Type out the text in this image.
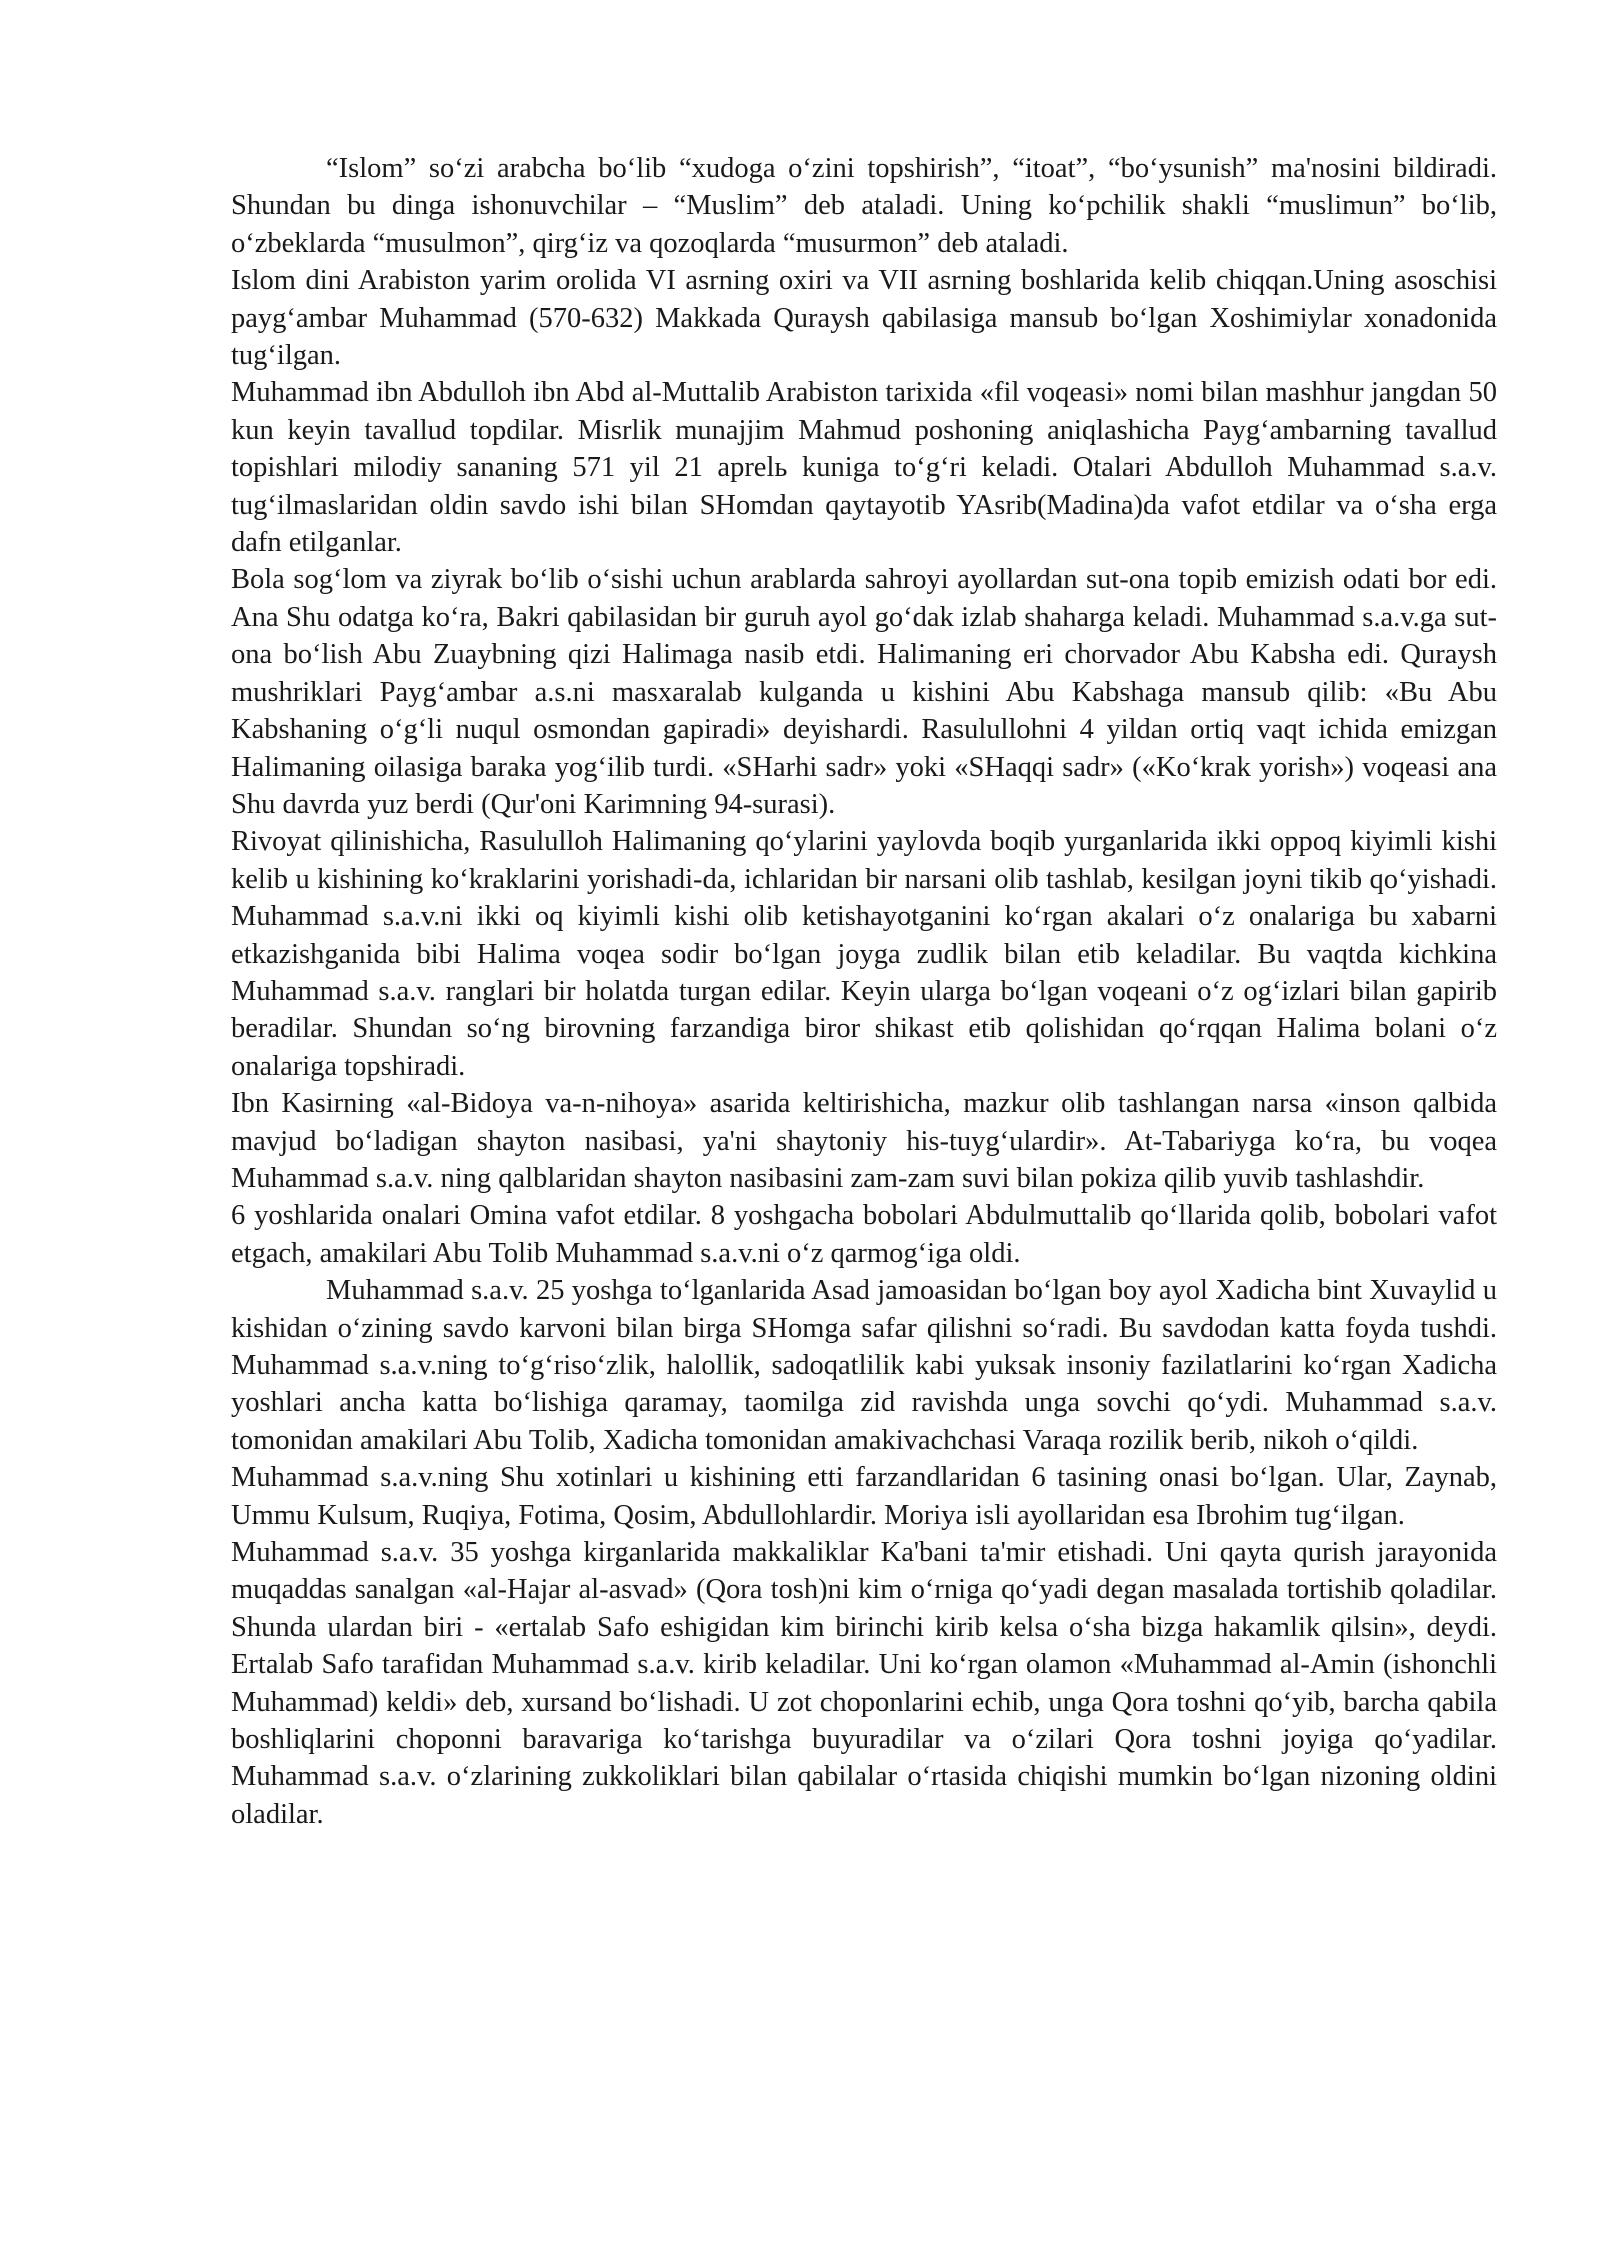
“Islom” so‘zi arabcha bo‘lib “xudoga o‘zini topshirish”, “itoat”, “bo‘ysunish” ma'nosini bildiradi. Shundan bu dinga ishonuvchilar – “Muslim” deb ataladi. Uning ko‘pchilik shakli “muslimun” bo‘lib, o‘zbeklarda “musulmon”, qirg‘iz va qozoqlarda “musurmon” deb ataladi.

Islom dini Arabiston yarim orolida VI asrning oxiri va VII asrning boshlarida kelib chiqqan.Uning asoschisi payg‘ambar Muhammad (570-632) Makkada Quraysh qabilasiga mansub bo‘lgan Xoshimiylar xonadonida tug‘ilgan.

Muhammad ibn Abdulloh ibn Abd al-Muttalib Arabiston tarixida «fil voqeasi» nomi bilan mashhur jangdan 50 kun keyin tavallud topdilar. Misrlik munajjim Mahmud poshoning aniqlashicha Payg‘ambarning tavallud topishlari milodiy sananing 571 yil 21 aprelь kuniga to‘g‘ri keladi. Otalari Abdulloh Muhammad s.a.v. tug‘ilmaslaridan oldin savdo ishi bilan SHomdan qaytayotib YAsrib(Madina)da vafot etdilar va o‘sha erga dafn etilganlar.

Bola sog‘lom va ziyrak bo‘lib o‘sishi uchun arablarda sahroyi ayollardan sut-ona topib emizish odati bor edi. Ana Shu odatga ko‘ra, Bakri qabilasidan bir guruh ayol go‘dak izlab shaharga keladi. Muhammad s.a.v.ga sut-ona bo‘lish Abu Zuaybning qizi Halimaga nasib etdi. Halimaning eri chorvador Abu Kabsha edi. Quraysh mushriklari Payg‘ambar a.s.ni masxaralab kulganda u kishini Abu Kabshaga mansub qilib: «Bu Abu Kabshaning o‘g‘li nuqul osmondan gapiradi» deyishardi. Rasulullohni 4 yildan ortiq vaqt ichida emizgan Halimaning oilasiga baraka yog‘ilib turdi. «SHarhi sadr» yoki «SHaqqi sadr» («Ko‘krak yorish») voqeasi ana Shu davrda yuz berdi (Qur'oni Karimning 94-surasi).

Rivoyat qilinishicha, Rasululloh Halimaning qo‘ylarini yaylovda boqib yurganlarida ikki oppoq kiyimli kishi kelib u kishining ko‘kraklarini yorishadi-da, ichlaridan bir narsani olib tashlab, kesilgan joyni tikib qo‘yishadi. Muhammad s.a.v.ni ikki oq kiyimli kishi olib ketishayotganini ko‘rgan akalari o‘z onalariga bu xabarni etkazishganida bibi Halima voqea sodir bo‘lgan joyga zudlik bilan etib keladilar. Bu vaqtda kichkina Muhammad s.a.v. ranglari bir holatda turgan edilar. Keyin ularga bo‘lgan voqeani o‘z og‘izlari bilan gapirib beradilar. Shundan so‘ng birovning farzandiga biror shikast etib qolishidan qo‘rqqan Halima bolani o‘z onalariga topshiradi.

Ibn Kasirning «al-Bidoya va-n-nihoya» asarida keltirishicha, mazkur olib tashlangan narsa «inson qalbida mavjud bo‘ladigan shayton nasibasi, ya'ni shaytoniy his-tuyg‘ulardir». At-Tabariyga ko‘ra, bu voqea Muhammad s.a.v. ning qalblaridan shayton nasibasini zam-zam suvi bilan pokiza qilib yuvib tashlashdir.

6 yoshlarida onalari Omina vafot etdilar. 8 yoshgacha bobolari Abdulmuttalib qo‘llarida qolib, bobolari vafot etgach, amakilari Abu Tolib Muhammad s.a.v.ni o‘z qarmog‘iga oldi.

Muhammad s.a.v. 25 yoshga to‘lganlarida Asad jamoasidan bo‘lgan boy ayol Xadicha bint Xuvaylid u kishidan o‘zining savdo karvoni bilan birga SHomga safar qilishni so‘radi. Bu savdodan katta foyda tushdi. Muhammad s.a.v.ning to‘g‘riso‘zlik, halollik, sadoqatlilik kabi yuksak insoniy fazilatlarini ko‘rgan Xadicha yoshlari ancha katta bo‘lishiga qaramay, taomilga zid ravishda unga sovchi qo‘ydi. Muhammad s.a.v. tomonidan amakilari Abu Tolib, Xadicha tomonidan amakivachchasi Varaqa rozilik berib, nikoh o‘qildi.

Muhammad s.a.v.ning Shu xotinlari u kishining etti farzandlaridan 6 tasining onasi bo‘lgan. Ular, Zaynab, Ummu Kulsum, Ruqiya, Fotima, Qosim, Abdullohlardir. Moriya isli ayollaridan esa Ibrohim tug‘ilgan.

Muhammad s.a.v. 35 yoshga kirganlarida makkaliklar Ka'bani ta'mir etishadi. Uni qayta qurish jarayonida muqaddas sanalgan «al-Hajar al-asvad» (Qora tosh)ni kim o‘rniga qo‘yadi degan masalada tortishib qoladilar. Shunda ulardan biri - «ertalab Safo eshigidan kim birinchi kirib kelsa o‘sha bizga hakamlik qilsin», deydi. Ertalab Safo tarafidan Muhammad s.a.v. kirib keladilar. Uni ko‘rgan olamon «Muhammad al-Amin (ishonchli Muhammad) keldi» deb, xursand bo‘lishadi. U zot choponlarini echib, unga Qora toshni qo‘yib, barcha qabila boshliqlarini choponni baravariga ko‘tarishga buyuradilar va o‘zilari Qora toshni joyiga qo‘yadilar. Muhammad s.a.v. o‘zlarining zukkoliklari bilan qabilalar o‘rtasida chiqishi mumkin bo‘lgan nizoning oldini oladilar.
